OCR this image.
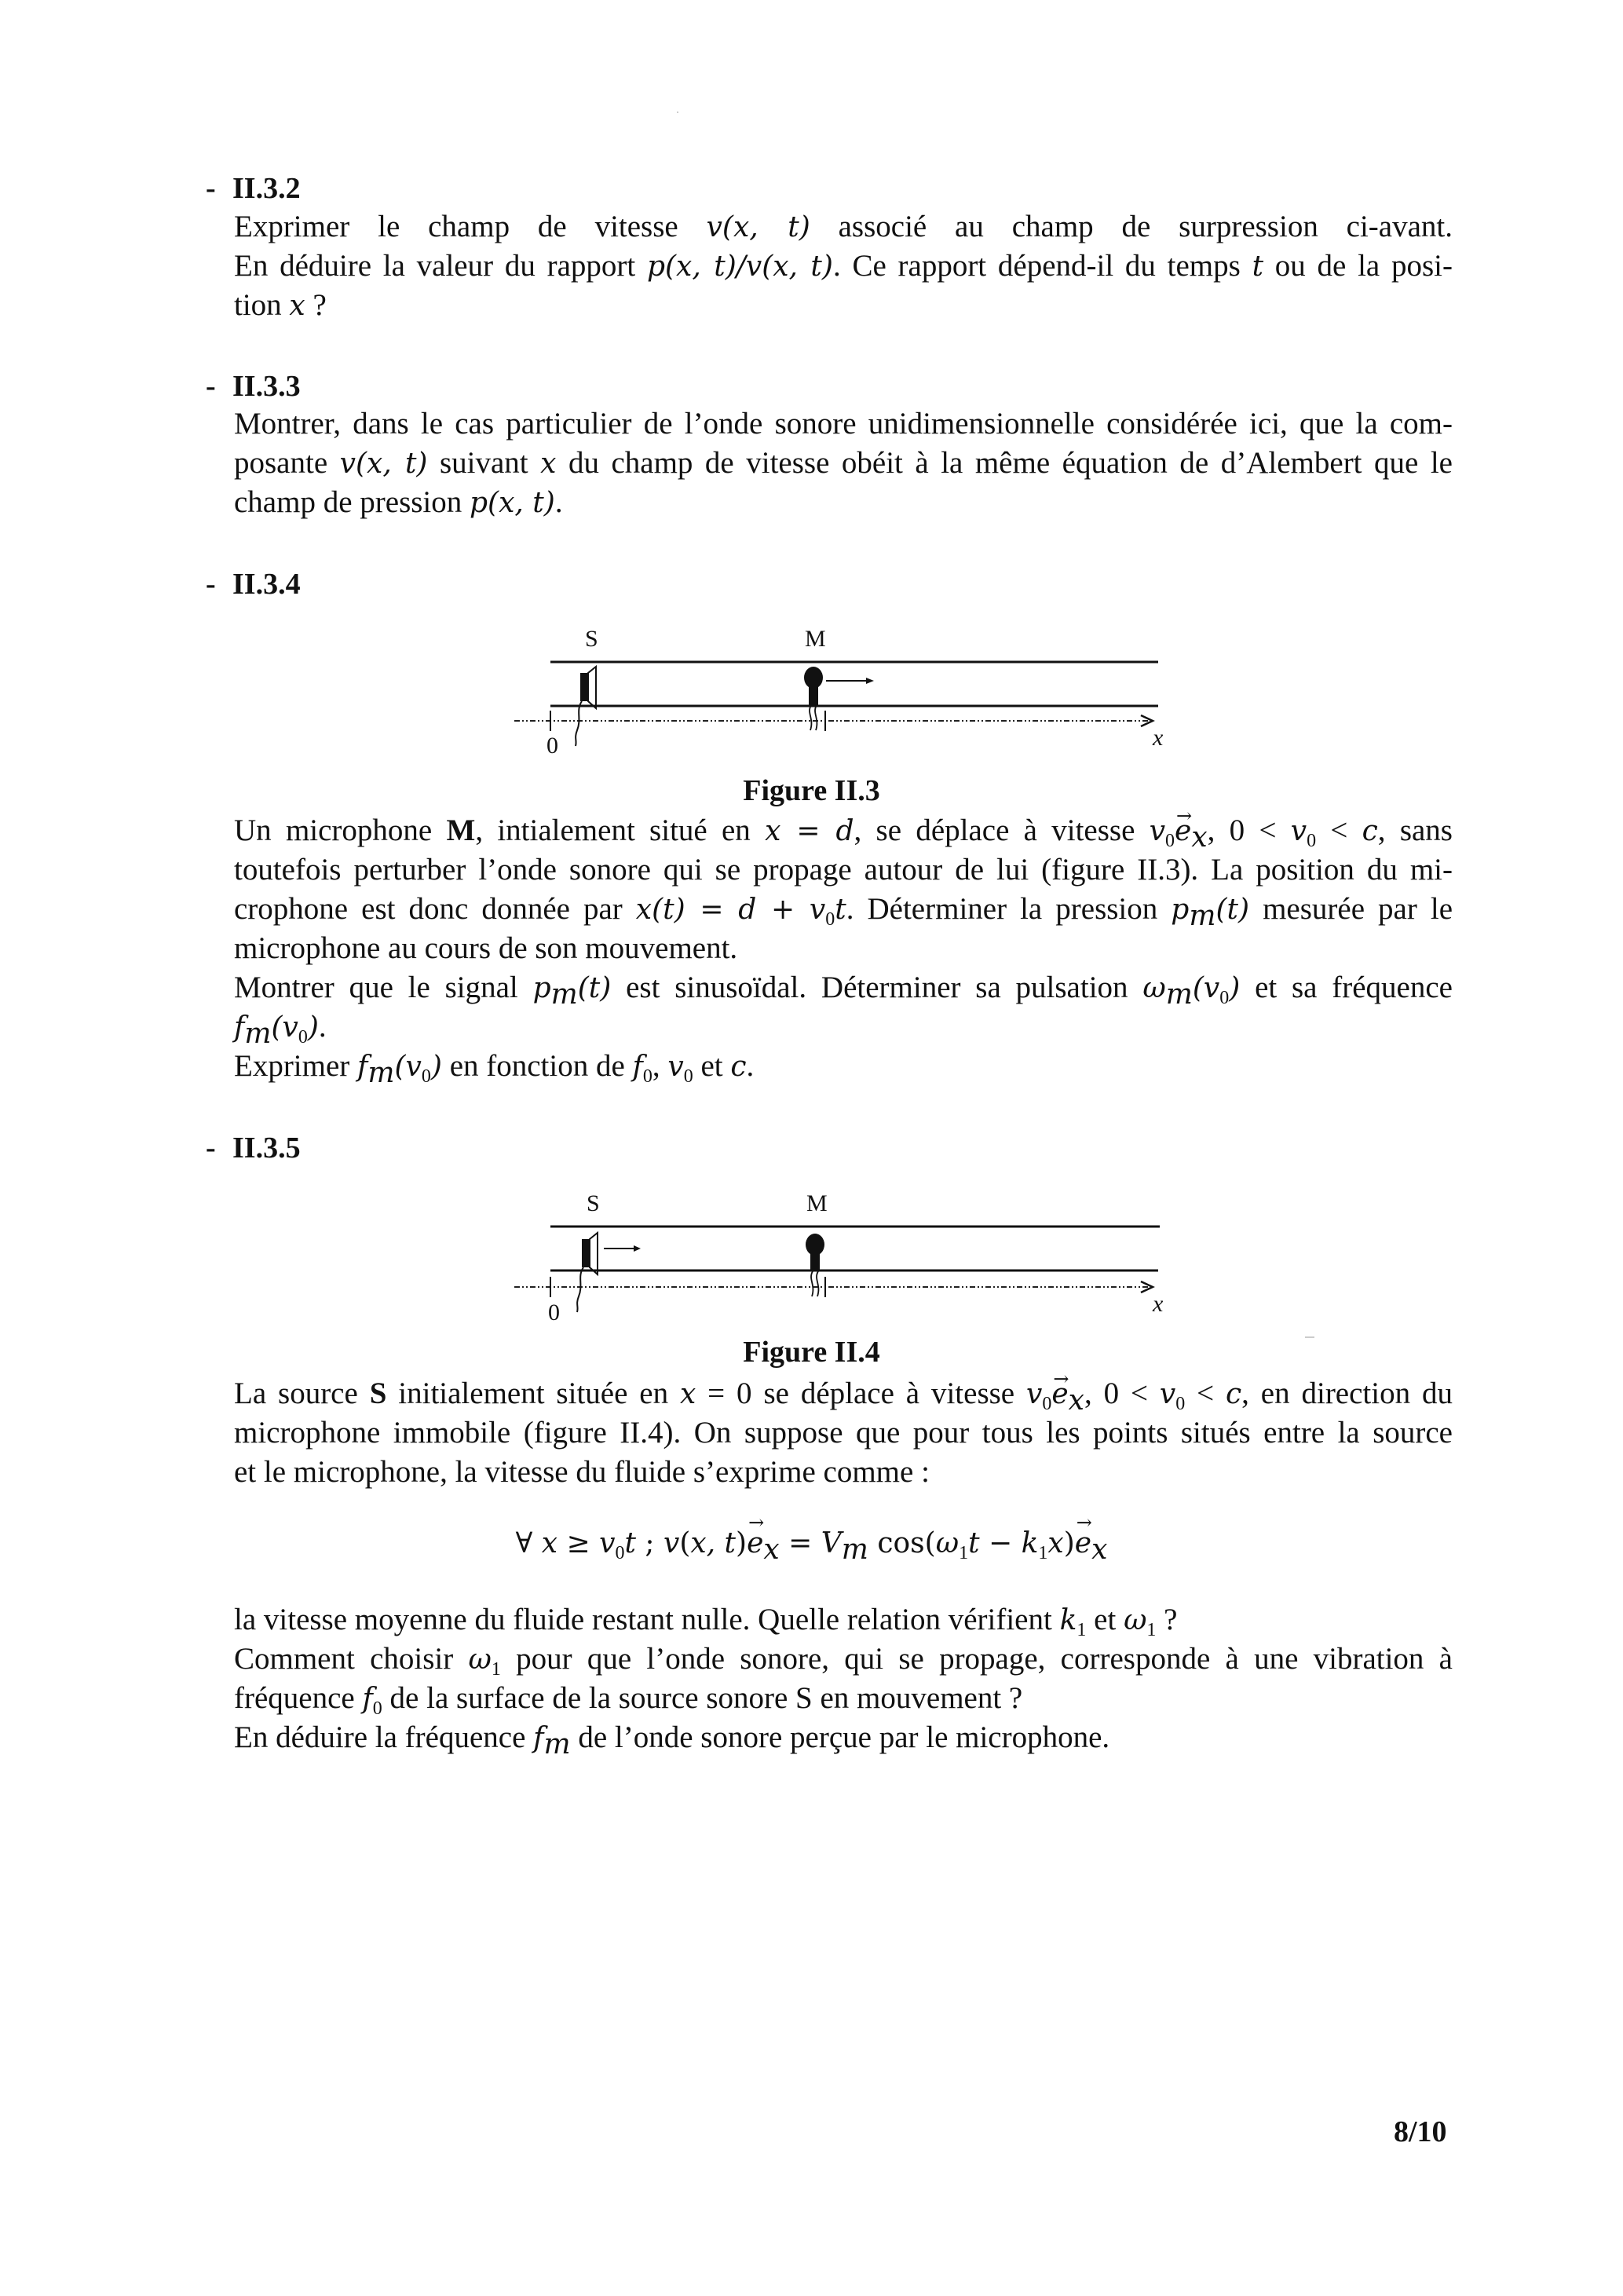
- II.3.2
Exprimer le champ de vitesse v(x, t) associé au champ de surpression ci-avant.
En déduire la valeur du rapport p(x, t)/v(x, t). Ce rapport dépend-il du temps t ou de la posi-
tion x ?
- II.3.3
Montrer, dans le cas particulier de l’onde sonore unidimensionnelle considérée ici, que la com-
posante v(x, t) suivant x du champ de vitesse obéit à la même équation de d’Alembert que le
champ de pression p(x, t).
- II.3.4
S	M
0	x
Figure II.3
Un microphone M, intialement situé en x = d, se déplace à vitesse $v_0\to e_x$, $0 < v_0 < c$, sans
toutefois perturber l’onde sonore qui se propage autour de lui (figure II.3). La position du mi-
crophone est donc donnée par $x(t) = d + v_0t$. Déterminer la pression $p_m(t)$ mesurée par le
microphone au cours de son mouvement.
Montrer que le signal $p_m(t)$ est sinusoïdal. Déterminer sa pulsation $\omega_m(v_0)$ et sa fréquence
$f_m(v_0)$.
Exprimer $f_m(v_0)$ en fonction de $f_0$, $v_0$ et c.
- II.3.5
S	M
0	x
Figure II.4
La source S initialement située en x = 0 se déplace à vitesse $v_0\to e_x$, $0 < v_0 < c$, en direction du
microphone immobile (figure II.4). On suppose que pour tous les points situés entre la source
et le microphone, la vitesse du fluide s’exprime comme :
∀ $x \ge v_0t$ ; v(x, $t)\to e_x = V_m$ $\cos(\omega_1t - k_1x)\to e_x$
la vitesse moyenne du fluide restant nulle. Quelle relation vérifient $k_1$ et $\omega_1$ ?
Comment choisir $\omega_1$ pour que l’onde sonore, qui se propage, corresponde à une vibration à
fréquence $f_0$ de la surface de la source sonore S en mouvement ?
En déduire la fréquence $f_m$ de l’onde sonore perçue par le microphone.
8/10
